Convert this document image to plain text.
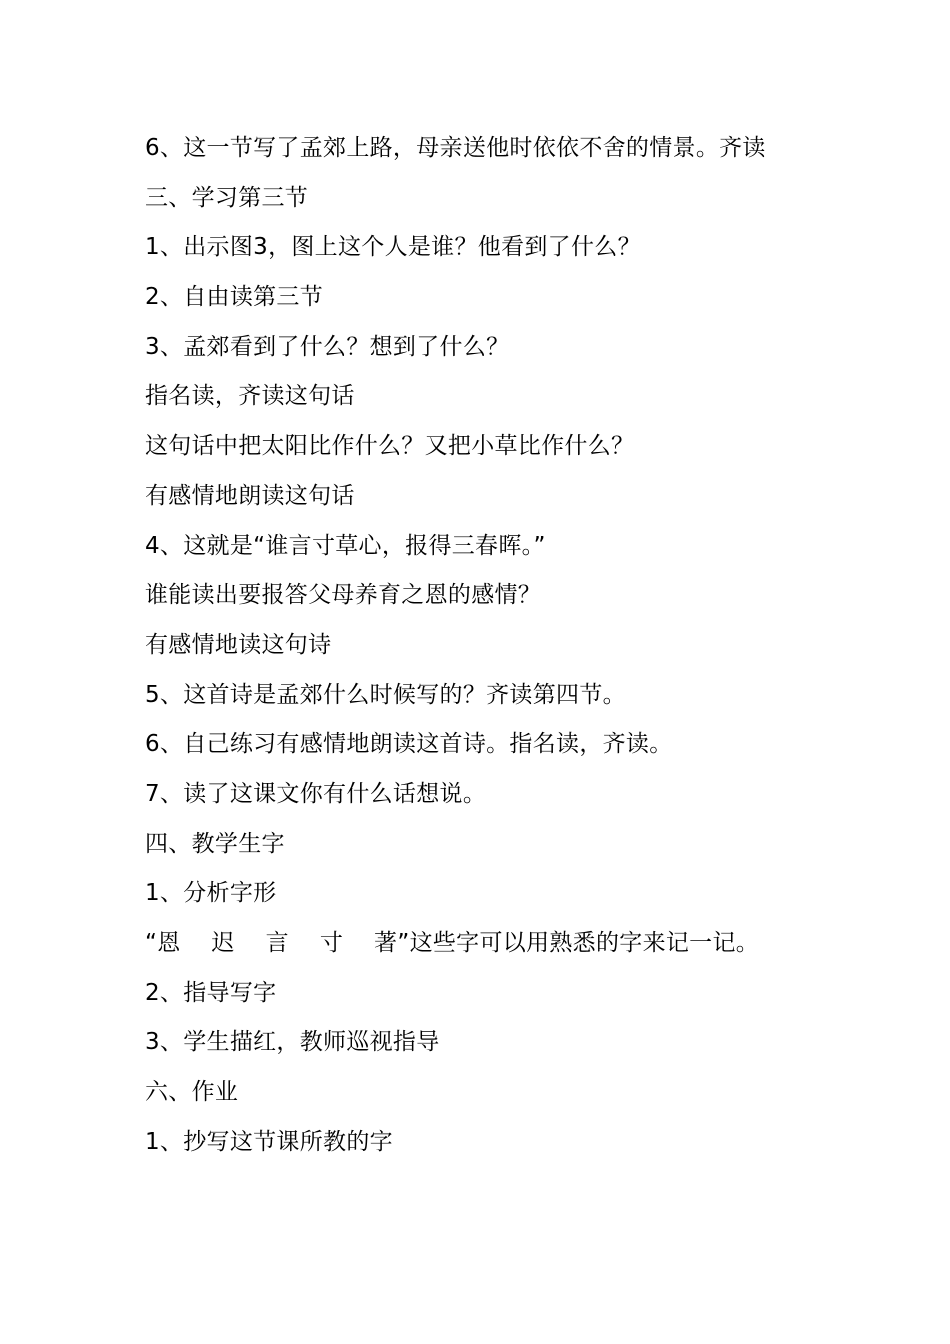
6、这一节写了孟郊上路，母亲送他时依依不舍的情景。齐读
三、学习第三节
1、出示图3，图上这个人是谁？他看到了什么？
2、自由读第三节
3、孟郊看到了什么？想到了什么？
指名读，齐读这句话
这句话中把太阳比作什么？又把小草比作什么？
有感情地朗读这句话
4、这就是“谁言寸草心，报得三春晖。”
谁能读出要报答父母养育之恩的感情？
有感情地读这句诗
5、这首诗是孟郊什么时候写的？齐读第四节。
6、自己练习有感情地朗读这首诗。指名读，齐读。
7、读了这课文你有什么话想说。
四、教学生字
1、分析字形
“恩　 迟　 言　 寸　 著”这些字可以用熟悉的字来记一记。
2、指导写字
3、学生描红，教师巡视指导
六、作业
1、抄写这节课所教的字
